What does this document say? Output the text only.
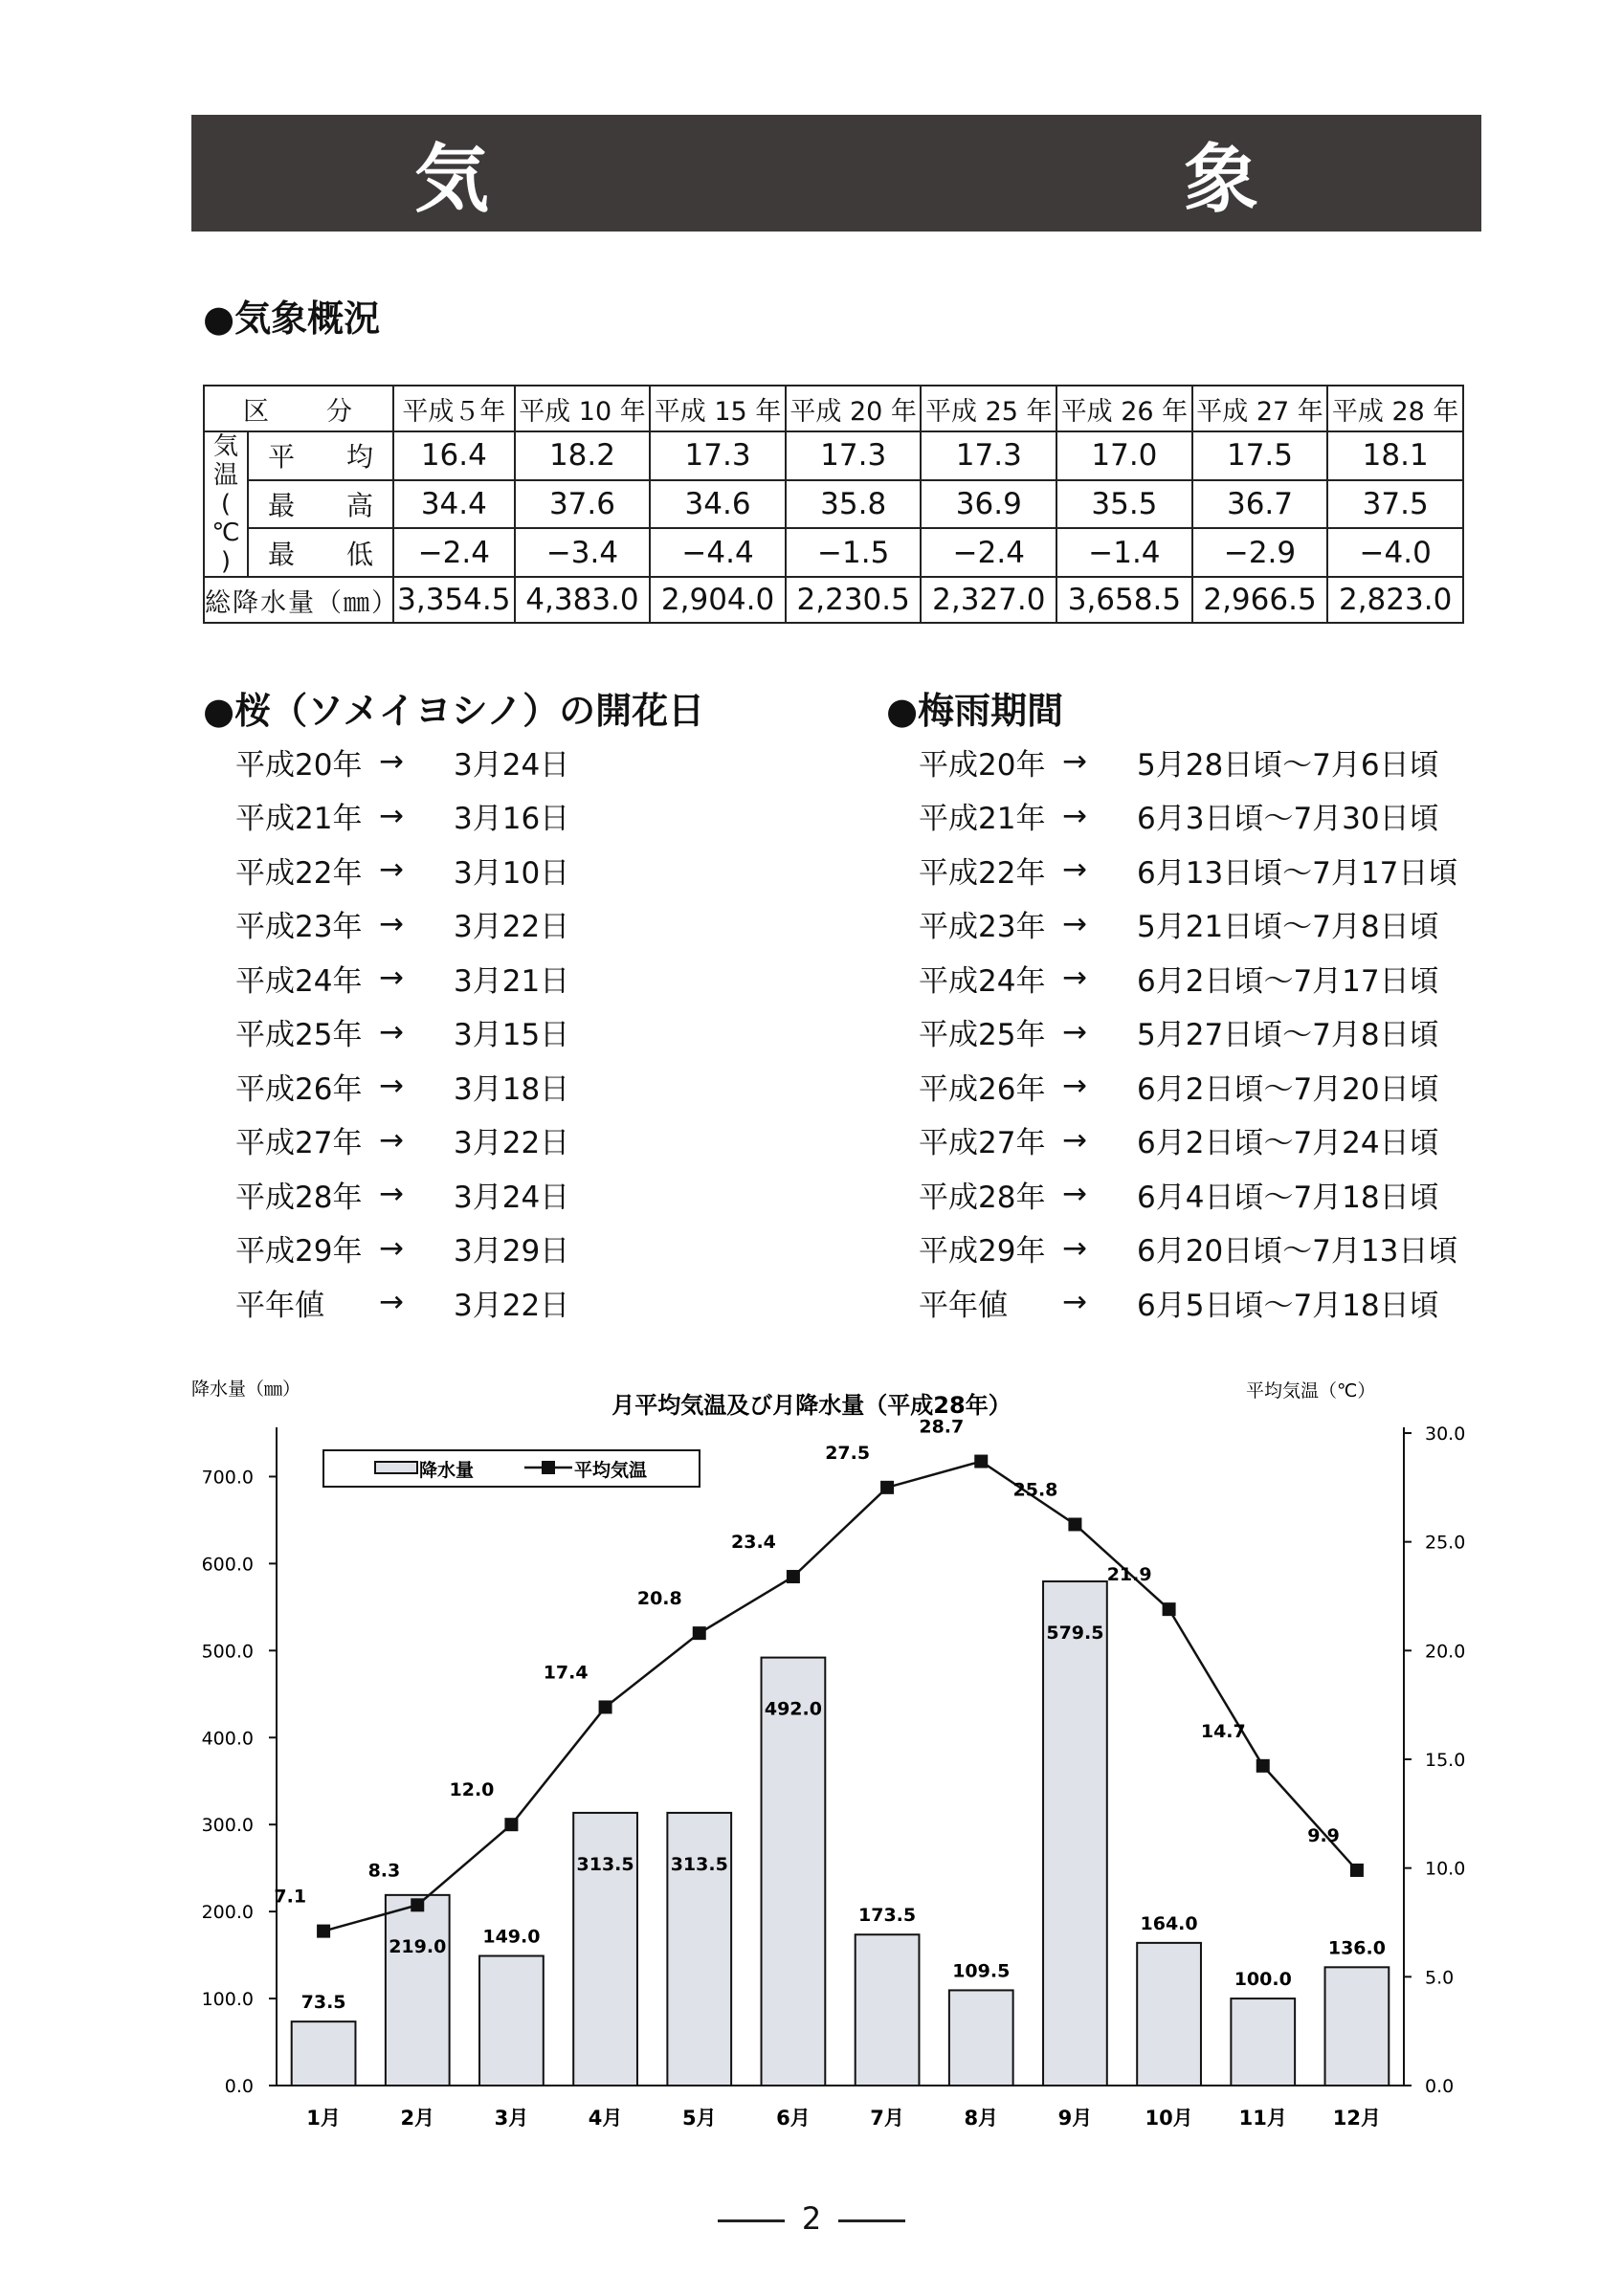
気　　象
●気象概況
区　　分		平成５年	平成 10 年	平成 15 年	平成 20 年	平成 25 年	平成 26 年	平成 27 年	平成 28 年

気
温
(
℃
)	平 均	16.4	18.2	17.3	17.3	17.3	17.0	17.5	18.1

	最 高	34.4	37.6	34.6	35.8	36.9	35.5	36.7	37.5

	最 低	−2.4	−3.4	−4.4	−1.5	−2.4	−1.4	−2.9	−4.0
総降水量（㎜）		3,354.5	4,383.0	2,904.0	2,230.5	2,327.0	3,658.5	2,966.5	2,823.0
●桜（ソメイヨシノ）の開花日	●梅雨期間
平成20年 →	3月24日
平成21年 →	3月16日
平成22年 →	3月10日
平成23年 →	3月22日
平成24年 →	3月21日
平成25年 →	3月15日
平成26年 →	3月18日
平成27年 →	3月22日
平成28年 →	3月24日
平成29年 →	3月29日
平年値	→	3月22日
平成20年 →	5月28日頃〜7月6日頃
平成21年 →	6月3日頃〜7月30日頃
平成22年 →	6月13日頃〜7月17日頃
平成23年 →	5月21日頃〜7月8日頃
平成24年 →	6月2日頃〜7月17日頃
平成25年 →	5月27日頃〜7月8日頃
平成26年 →	6月2日頃〜7月20日頃
平成27年 →	6月2日頃〜7月24日頃
平成28年 →	6月4日頃〜7月18日頃
平成29年 →	6月20日頃〜7月13日頃
平年値	→	6月5日頃〜7月18日頃
月平均気温及び月降水量（平成28年）
降水量（㎜）	平均気温（℃）
0.0
100.0
200.0
300.0
400.0
500.0
600.0
700.0
0.0
5.0
10.0
15.0
20.0
25.0
30.0
1月	2月	3月	4月	5月	6月	7月	8月	9月	10月 11月 12月
73.5
219.0 149.0
313.5 313.5
492.0
173.5
109.5
579.5
164.0
100.0
136.0
7.1
8.3
12.0
17.4
20.8
23.4
27.5
28.7
25.8
21.9
14.7
9.9
降水量	平均気温
2
